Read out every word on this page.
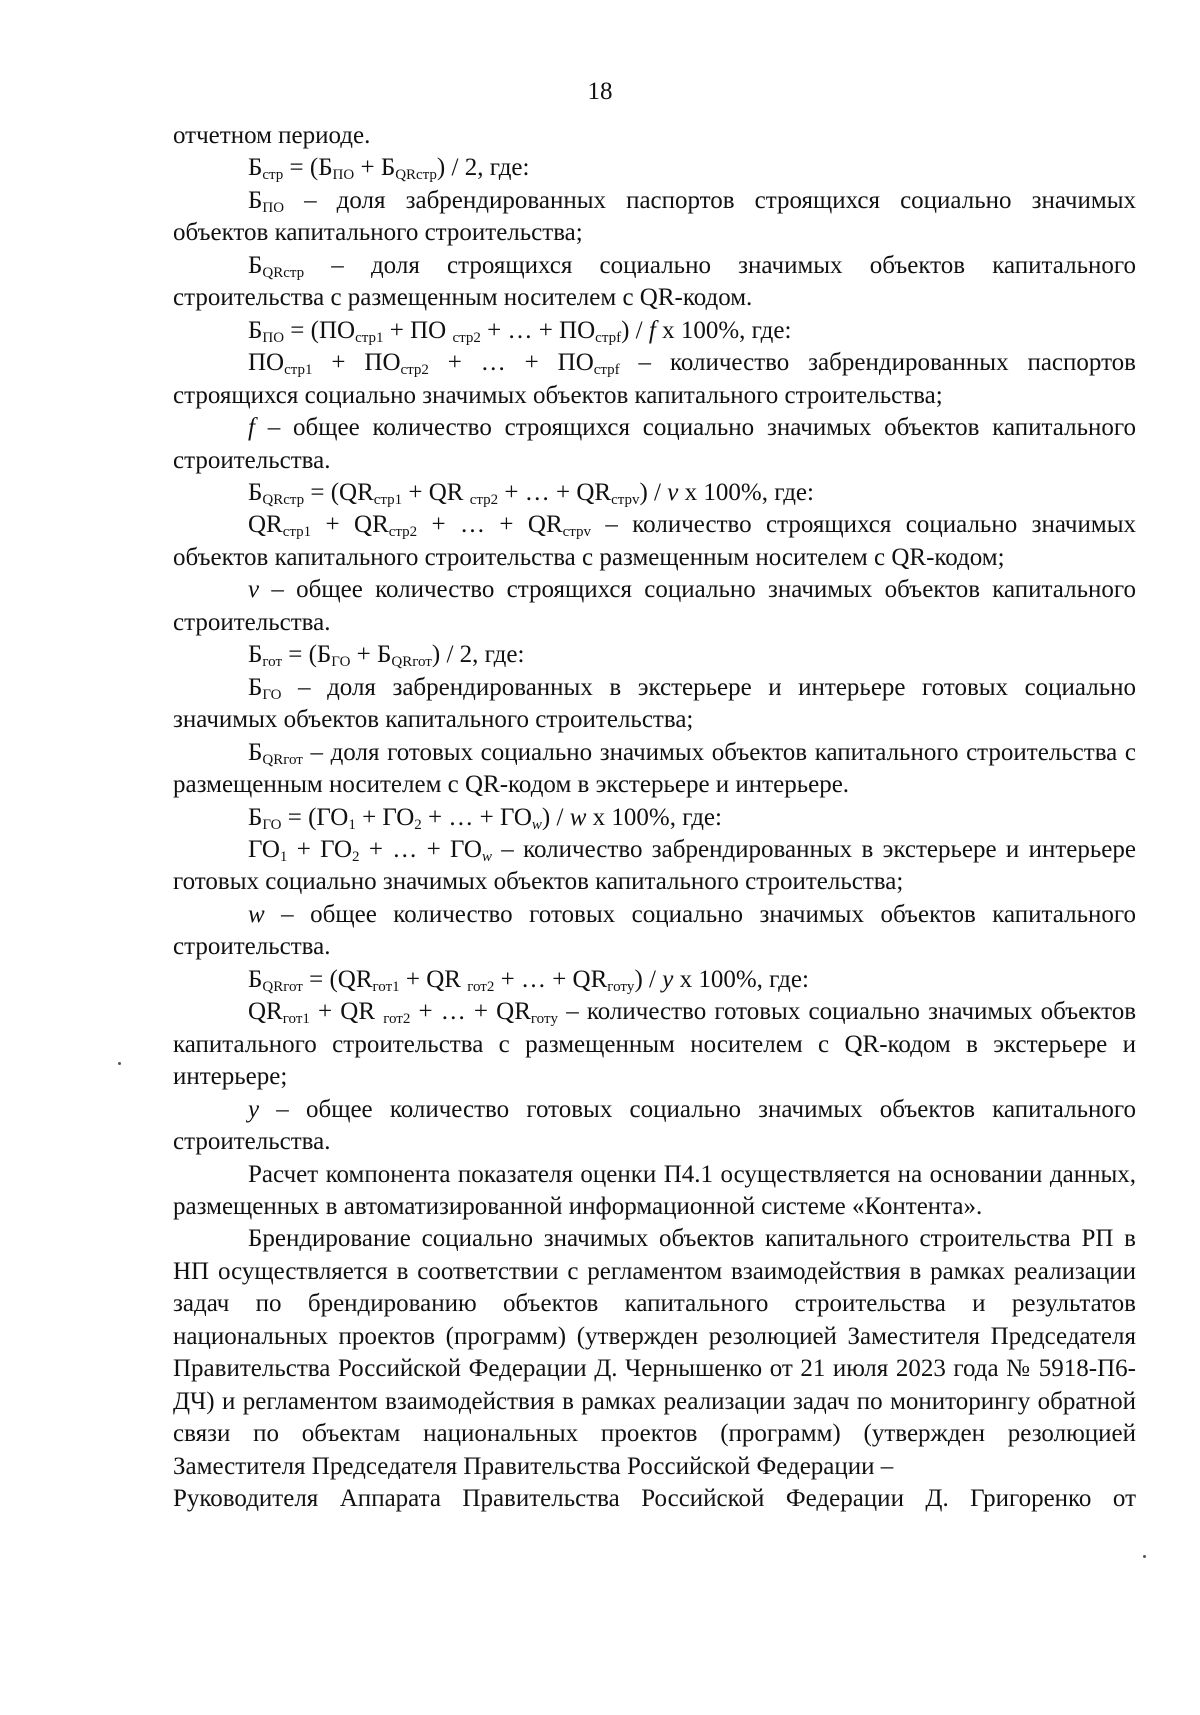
18

отчетном периоде.

$Б_{стр} = (Б_{ПО} + Б_{QRстр}) / 2$, где:

$Б_{ПО}$ – доля забрендированных паспортов строящихся социально значимых объектов капитального строительства;

$Б_{QRстр}$ – доля строящихся социально значимых объектов капитального строительства с размещенным носителем с QR-кодом.

$Б_{ПО} = (ПО_{стр1}$ + ПО $_{стр2}$ + … + $ПО_{стрf}$) / f x 100%, где:

$ПО_{стр1} + ПО_{стр2}$ + … + $ПО_{стрf}$ – количество забрендированных паспортов строящихся социально значимых объектов капитального строительства;

f – общее количество строящихся социально значимых объектов капитального строительства.

$Б_{QRстр} = (QR_{стр1}$ + QR $_{стр2}$ + … + $QR_{стрv}$) / v x 100%, где:

$QR_{стр1} + QR_{стр2}$ + … + $QR_{стрv}$ – количество строящихся социально значимых объектов капитального строительства с размещенным носителем с QR-кодом;

v – общее количество строящихся социально значимых объектов капитального строительства.

$Б_{гот} = (Б_{ГО} + Б_{QRгот}) / 2$, где:

$Б_{ГО}$ – доля забрендированных в экстерьере и интерьере готовых социально значимых объектов капитального строительства;

$Б_{QRгот}$ – доля готовых социально значимых объектов капитального строительства с размещенным носителем с QR-кодом в экстерьере и интерьере.

$Б_{ГО} = (ГО_1 + ГО_2$ + … + $ГО_w$) / w x 100%, где:

$ГО_1 + ГО_2$ + … + $ГО_w$ – количество забрендированных в экстерьере и интерьере готовых социально значимых объектов капитального строительства;

w – общее количество готовых социально значимых объектов капитального строительства.

$Б_{QRгот} = (QR_{гот1}$ + QR $_{гот2}$ + … + $QR_{готy}$) / y x 100%, где:

$QR_{гот1}$ + QR $_{гот2}$ + … + $QR_{готy}$ – количество готовых социально значимых объектов капитального строительства с размещенным носителем с QR-кодом в экстерьере и интерьере;

y – общее количество готовых социально значимых объектов капитального строительства.

Расчет компонента показателя оценки П4.1 осуществляется на основании данных, размещенных в автоматизированной информационной системе «Контента».

Брендирование социально значимых объектов капитального строительства РП в НП осуществляется в соответствии с регламентом взаимодействия в рамках реализации задач по брендированию объектов капитального строительства и результатов национальных проектов (программ) (утвержден резолюцией Заместителя Председателя Правительства Российской Федерации Д. Чернышенко от 21 июля 2023 года № 5918-П6-ДЧ) и регламентом взаимодействия в рамках реализации задач по мониторингу обратной связи по объектам национальных проектов (программ) (утвержден резолюцией Заместителя Председателя Правительства Российской Федерации –

Руководителя Аппарата Правительства Российской Федерации Д. Григоренко от
